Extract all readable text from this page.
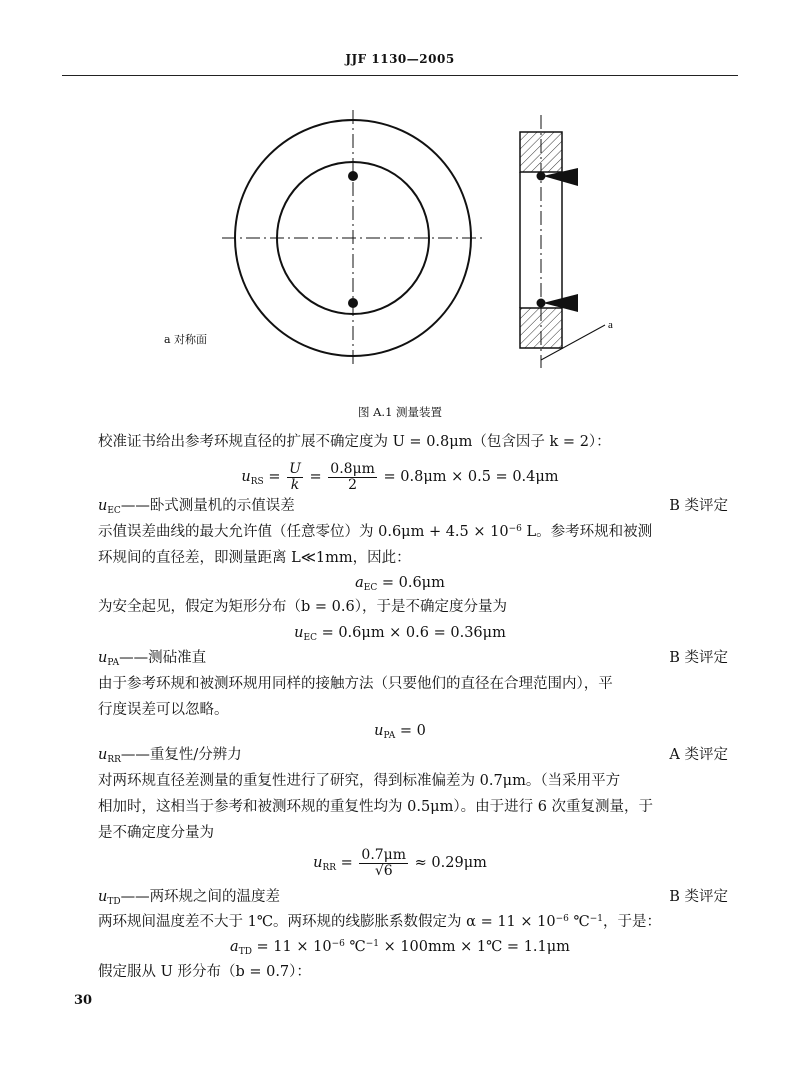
JJF 1130—2005
a
a 对称面
图 A.1 测量装置
校准证书给出参考环规直径的扩展不确定度为 U = 0.8μm（包含因子 k = 2）：
$u_{RS} = \frac{U}{k} = \frac{0.8\mu m}{2} = 0.8\mu m \times 0.5 = 0.4\mu m$
$u_{EC}——$卧式测量机的示值误差	B 类评定
示值误差曲线的最大允许值（任意零位）为 $0.6\mu m + 4.5 \times 10^{-6}$ L。参考环规和被测
环规间的直径差，即测量距离 L≪1mm，因此：
$a_{EC} = 0.6\mu m$
为安全起见，假定为矩形分布（b = 0.6），于是不确定度分量为
$u_{EC} = 0.6\mu m \times 0.6 = 0.36\mu m$
$u_{PA}——$测砧准直	B 类评定
由于参考环规和被测环规用同样的接触方法（只要他们的直径在合理范围内），平
行度误差可以忽略。
$u_{PA} = 0$
$u_{RR}——$重复性/分辨力	A 类评定
对两环规直径差测量的重复性进行了研究，得到标准偏差为 0.7μm。（当采用平方
相加时，这相当于参考和被测环规的重复性均为 0.5μm）。由于进行 6 次重复测量，于
是不确定度分量为
$u_{RR} = \frac{0.7\mu m}{√6} \approx 0.29\mu m$
$u_{TD}——$两环规之间的温度差	B 类评定
两环规间温度差不大于 1℃。两环规的线膨胀系数假定为 $\alpha = 11 \times 10^{-6}$ ℃$^{-1}$，于是：
$a_{TD} = 11 \times 10^{-6}$ ℃$^{-1}$ × 100mm × 1℃ = 1.1μm
假定服从 U 形分布（b = 0.7）：
30
